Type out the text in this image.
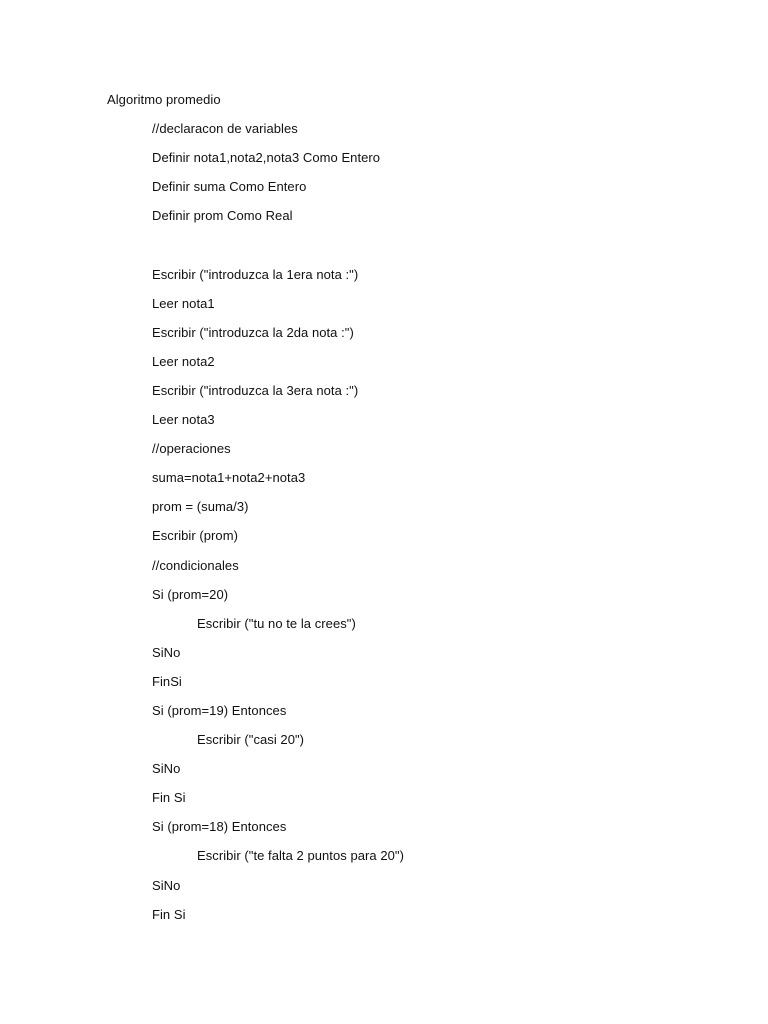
Algoritmo promedio
//declaracon de variables
Definir nota1,nota2,nota3 Como Entero
Definir suma Como Entero
Definir prom Como Real
Escribir ("introduzca la 1era nota :")
Leer nota1
Escribir ("introduzca la 2da nota :")
Leer nota2
Escribir ("introduzca la 3era nota :")
Leer nota3
//operaciones
suma=nota1+nota2+nota3
prom = (suma/3)
Escribir (prom)
//condicionales
Si (prom=20)
Escribir ("tu no te la crees")
SiNo
FinSi
Si (prom=19) Entonces
Escribir ("casi 20")
SiNo
Fin Si
Si (prom=18) Entonces
Escribir ("te falta 2 puntos para 20")
SiNo
Fin Si
